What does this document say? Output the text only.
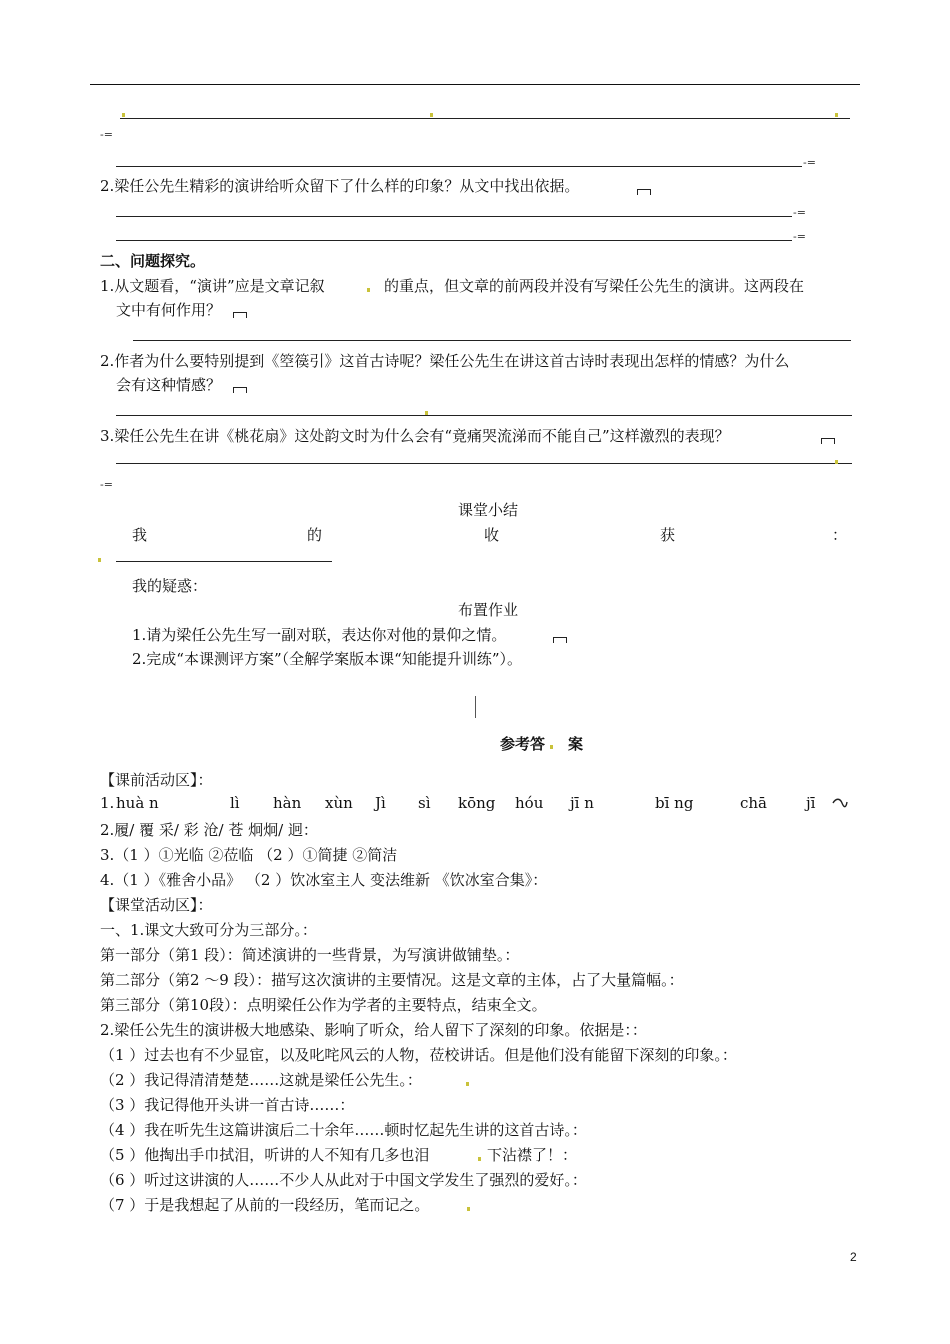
-=
-=
2.梁任公先生精彩的演讲给听众留下了什么样的印象？从文中找出依据。
-=
-=
二、问题探究。
1.从文题看，“演讲”应是文章记叙	的重点，但文章的前两段并没有写梁任公先生的演讲。这两段在
文中有何作用？
2.作者为什么要特别提到《箜篌引》这首古诗呢？梁任公先生在讲这首古诗时表现出怎样的情感？为什么
会有这种情感？
3.梁任公先生在讲《桃花扇》这处韵文时为什么会有“竟痛哭流涕而不能自己”这样激烈的表现？
-=
课堂小结
我	的	收	获	：
我的疑惑：
布置作业
1.请为梁任公先生写一副对联，表达你对他的景仰之情。
2.完成“本课测评方案”（全解学案版本课“知能提升训练”）。
参考答 案
【课前活动区】：
1. huà n	lì hàn xùn Jì sì kōng hóu jī n	bī ng	chā	jī
2.履/ 覆 采/ 彩 沧/ 苍 炯炯/ 迥：
3.（1 ）①光临 ②莅临 （2 ）①简捷 ②简洁
4.（1 ）《雅舍小品》 （2 ）饮冰室主人 变法维新 《饮冰室合集》：
【课堂活动区】：
一、1.课文大致可分为三部分。：
第一部分（第1 段）：简述演讲的一些背景，为写演讲做铺垫。：
第二部分（第2 ～9 段）：描写这次演讲的主要情况。这是文章的主体，占了大量篇幅。：
第三部分（第10段）：点明梁任公作为学者的主要特点，结束全文。
2.梁任公先生的演讲极大地感染、影响了听众，给人留下了深刻的印象。依据是：：
（1 ）过去也有不少显宦，以及叱咤风云的人物，莅校讲话。但是他们没有能留下深刻的印象。：
（2 ）我记得清清楚楚……这就是梁任公先生。：
（3 ）我记得他开头讲一首古诗……：
（4 ）我在听先生这篇讲演后二十余年……顿时忆起先生讲的这首古诗。：
（5 ）他掏出手巾拭泪，听讲的人不知有几多也泪	下沾襟了！：
（6 ）听过这讲演的人……不少人从此对于中国文学发生了强烈的爱好。：
（7 ）于是我想起了从前的一段经历，笔而记之。
2
